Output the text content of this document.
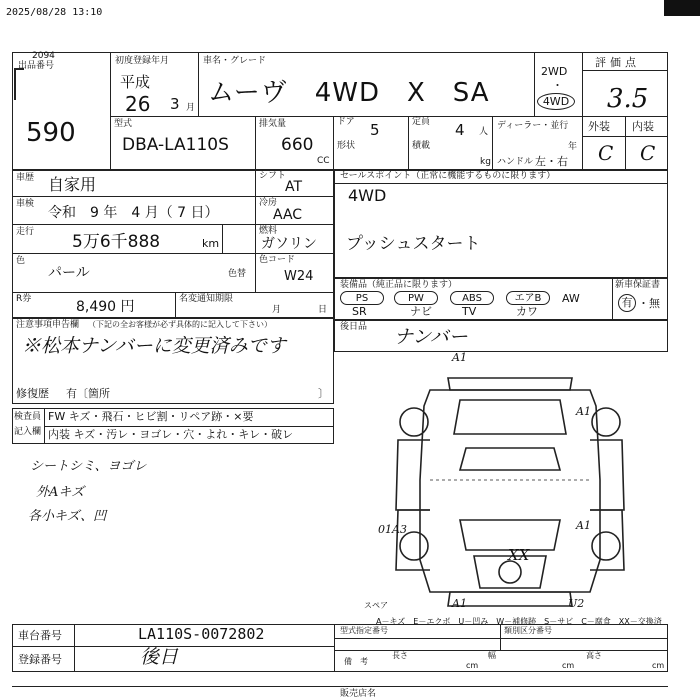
2025/08/28 13:10
2094
出品番号
590
初度登録年月
平成
26 3 月
車名・グレード
ムーヴ　4WD　X　SA
2WD
・
4WD
評価点
3.5
外装 内装
C C
型式
DBA-LA110S
排気量
660
CC
ドア 5
形状
定員 4 人
積載
kg
ディーラー・並行
年
ハンドル 左・右
車歴 自家用
車検
令和　9 年　4 月（ 7 日）
走行 5万6千888	km
色
パール	色替
シフト
AT
冷房
AAC
燃料
ガソリン
色コード
W24
R券	8,490 円	名変通知期限
月	日
セールスポイント（正常に機能するものに限ります）
4WD
プッシュスタート
装備品（純正品に限ります）	新車保証書
有 ・無
PS	PW	ABS	エアB	AW
SR	ナビ	TV	カワ
注意事項申告欄 （下記の全お客様が必ず具体的に記入して下さい）
※松本ナンバーに変更済みです
修復歴 有〔箇所	〕
後日品 ナンバー
検査員
記入欄
FW キズ・飛石・ヒビ割・リペア跡・×要
内装 キズ・汚レ・ヨゴレ・穴・よれ・キレ・破レ
シートシミ、ヨゴレ
外Aキズ
各小キズ、凹
A1
A1
01A3	A1
XX
A1	U2
スペア
A－キズ　E－エクボ　U－凹み　W－補修跡　S－サビ　C－腐食　XX－交換済
車台番号	LA110S-0072802
登録番号	後日
型式指定番号	類別区分番号
備　考
長さ	幅	高さ
cm	cm	cm
販売店名
